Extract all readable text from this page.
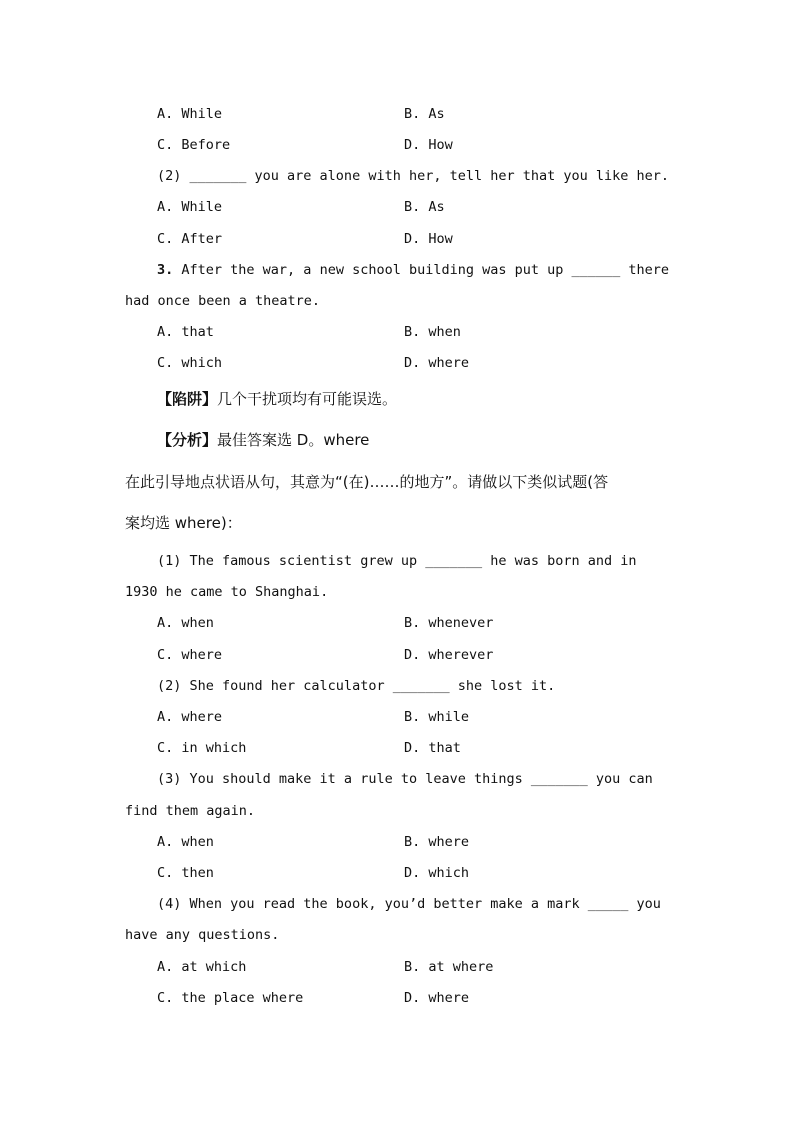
A. While	B. As
C. Before	D. How
(2) _______ you are alone with her, tell her that you like her.
A. While	B. As
C. After	D. How
3. After the war, a new school building was put up ______ there
had once been a theatre.
A. that	B. when
C. which	D. where
【陷阱】几个干扰项均有可能误选。
【分析】最佳答案选 D。where
在此引导地点状语从句，其意为“(在)……的地方”。请做以下类似试题(答
案均选 where)：
(1) The famous scientist grew up _______ he was born and in
1930 he came to Shanghai.
A. when	B. whenever
C. where	D. wherever
(2) She found her calculator _______ she lost it.
A. where	B. while
C. in which	D. that
(3) You should make it a rule to leave things _______ you can
find them again.
A. when	B. where
C. then	D. which
(4) When you read the book, you’d better make a mark _____ you
have any questions.
A. at which	B. at where
C. the place where	D. where
